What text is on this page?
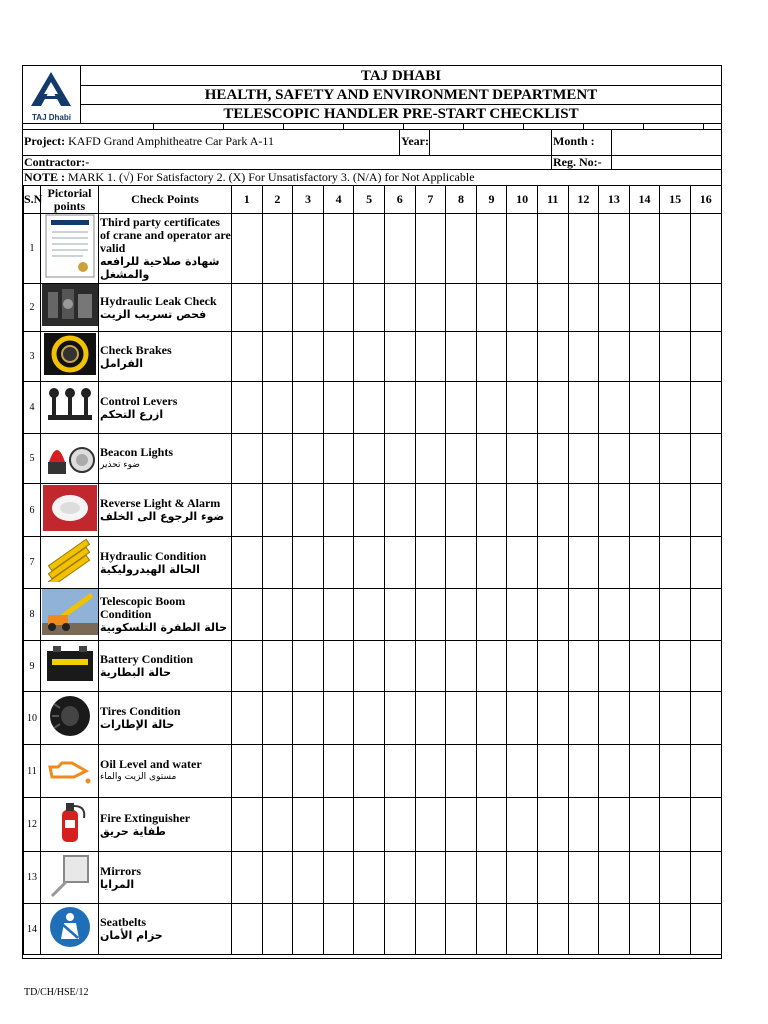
TAJ Dhabi
TAJ DHABI
HEALTH, SAFETY AND ENVIRONMENT DEPARTMENT
TELESCOPIC HANDLER PRE-START CHECKLIST
Project: KAFD Grand Amphitheatre Car Park A-11	Year:	Month :
Contractor:-	Reg. No:-
NOTE : MARK 1. (√) For Satisfactory 2. (X) For Unsatisfactory 3. (N/A) for Not Applicable
S.N	Pictorial points	Check Points	1	2	3	4	5	6	7	8	9	10	11	12	13	14	15	16
1		Third party certificates of crane and operator are valid
شهادة صلاحية للرافعه والمشغل																

2		Hydraulic Leak Check
فحص تسريب الزيت																

3		Check Brakes
الفرامل																

4		Control Levers
ازرع التحكم																

5		Beacon Lights
ضوء تحذير																

6		Reverse Light & Alarm
ضوء الرجوع الى الخلف																

7		Hydraulic Condition
الحالة الهيدروليكية																

8		Telescopic Boom Condition
حالة الطفرة التلسكوبية																

9		Battery Condition
حالة البطارية																

10		Tires Condition
حالة الإطارات																

11		Oil Level and water
مستوى الزيت والماء																

12		Fire Extinguisher
طفاية حريق																

13		Mirrors
المرايا																

14		Seatbelts
حزام الأمان																

TD/CH/HSE/12
